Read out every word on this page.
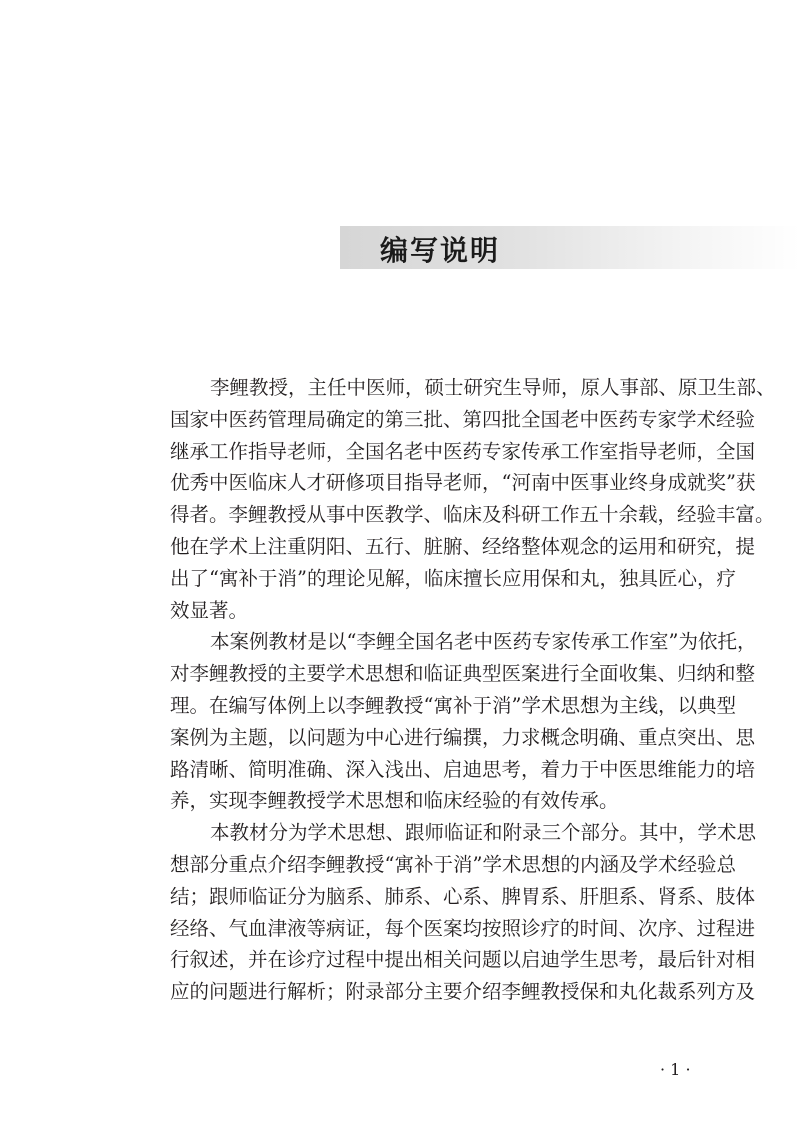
编写说明
李鲤教授，主任中医师，硕士研究生导师，原人事部、原卫生部、
国家中医药管理局确定的第三批、第四批全国老中医药专家学术经验
继承工作指导老师，全国名老中医药专家传承工作室指导老师，全国
优秀中医临床人才研修项目指导老师，“河南中医事业终身成就奖”获
得者。李鲤教授从事中医教学、临床及科研工作五十余载，经验丰富。
他在学术上注重阴阳、五行、脏腑、经络整体观念的运用和研究，提
出了“寓补于消”的理论见解，临床擅长应用保和丸，独具匠心，疗
效显著。
本案例教材是以“李鲤全国名老中医药专家传承工作室”为依托，
对李鲤教授的主要学术思想和临证典型医案进行全面收集、归纳和整
理。在编写体例上以李鲤教授“寓补于消”学术思想为主线，以典型
案例为主题，以问题为中心进行编撰，力求概念明确、重点突出、思
路清晰、简明准确、深入浅出、启迪思考，着力于中医思维能力的培
养，实现李鲤教授学术思想和临床经验的有效传承。
本教材分为学术思想、跟师临证和附录三个部分。其中，学术思
想部分重点介绍李鲤教授“寓补于消”学术思想的内涵及学术经验总
结；跟师临证分为脑系、肺系、心系、脾胃系、肝胆系、肾系、肢体
经络、气血津液等病证，每个医案均按照诊疗的时间、次序、过程进
行叙述，并在诊疗过程中提出相关问题以启迪学生思考，最后针对相
应的问题进行解析；附录部分主要介绍李鲤教授保和丸化裁系列方及
· 1 ·
